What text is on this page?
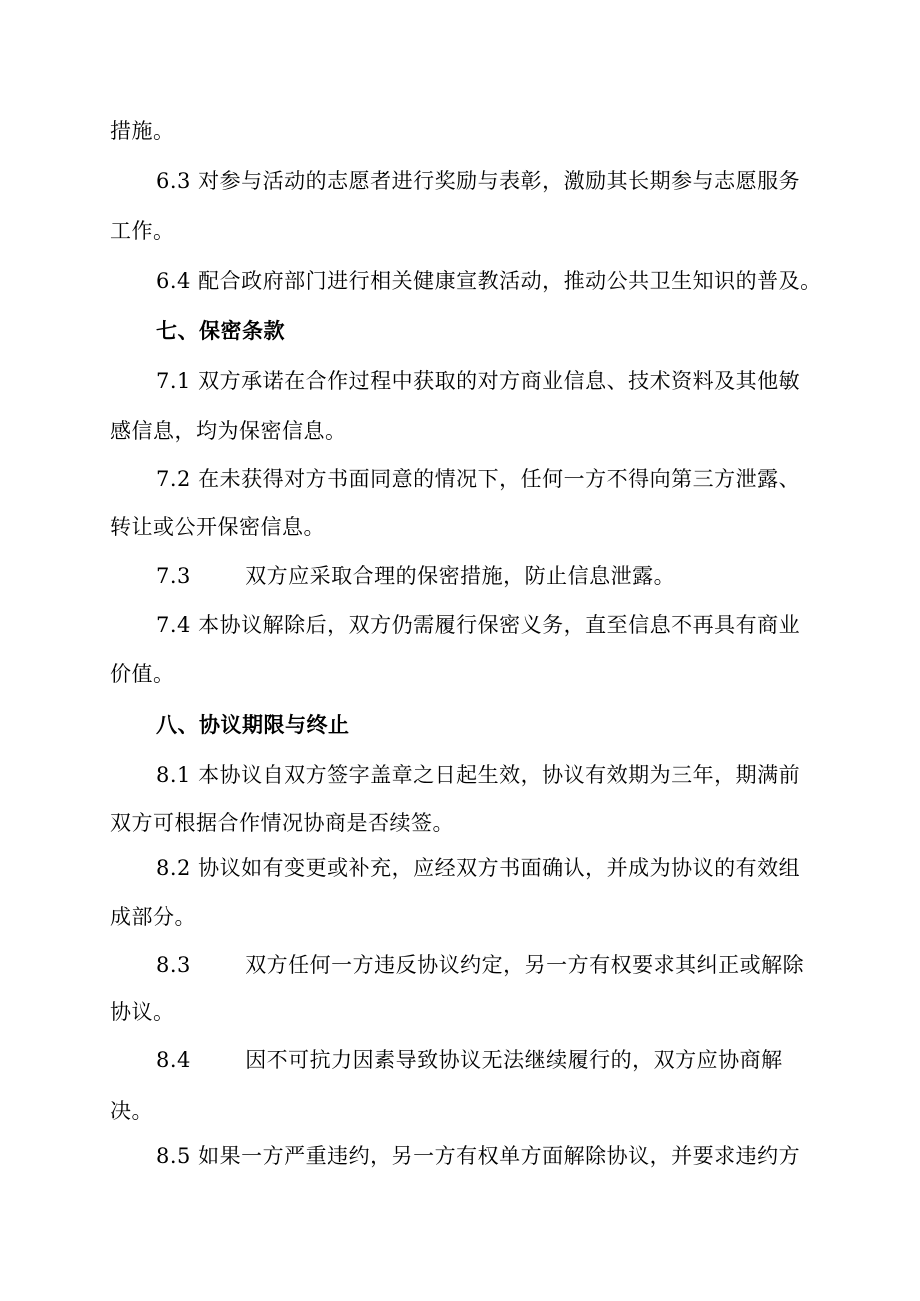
措施。
6.3 对参与活动的志愿者进行奖励与表彰，激励其长期参与志愿服务
工作。
6.4 配合政府部门进行相关健康宣教活动，推动公共卫生知识的普及。
七、保密条款
7.1 双方承诺在合作过程中获取的对方商业信息、技术资料及其他敏
感信息，均为保密信息。
7.2 在未获得对方书面同意的情况下，任何一方不得向第三方泄露、
转让或公开保密信息。
7.3	双方应采取合理的保密措施，防止信息泄露。
7.4 本协议解除后，双方仍需履行保密义务，直至信息不再具有商业
价值。
八、协议期限与终止
8.1 本协议自双方签字盖章之日起生效，协议有效期为三年，期满前
双方可根据合作情况协商是否续签。
8.2 协议如有变更或补充，应经双方书面确认，并成为协议的有效组
成部分。
8.3	双方任何一方违反协议约定，另一方有权要求其纠正或解除
协议。
8.4	因不可抗力因素导致协议无法继续履行的，双方应协商解
决。
8.5 如果一方严重违约，另一方有权单方面解除协议，并要求违约方
